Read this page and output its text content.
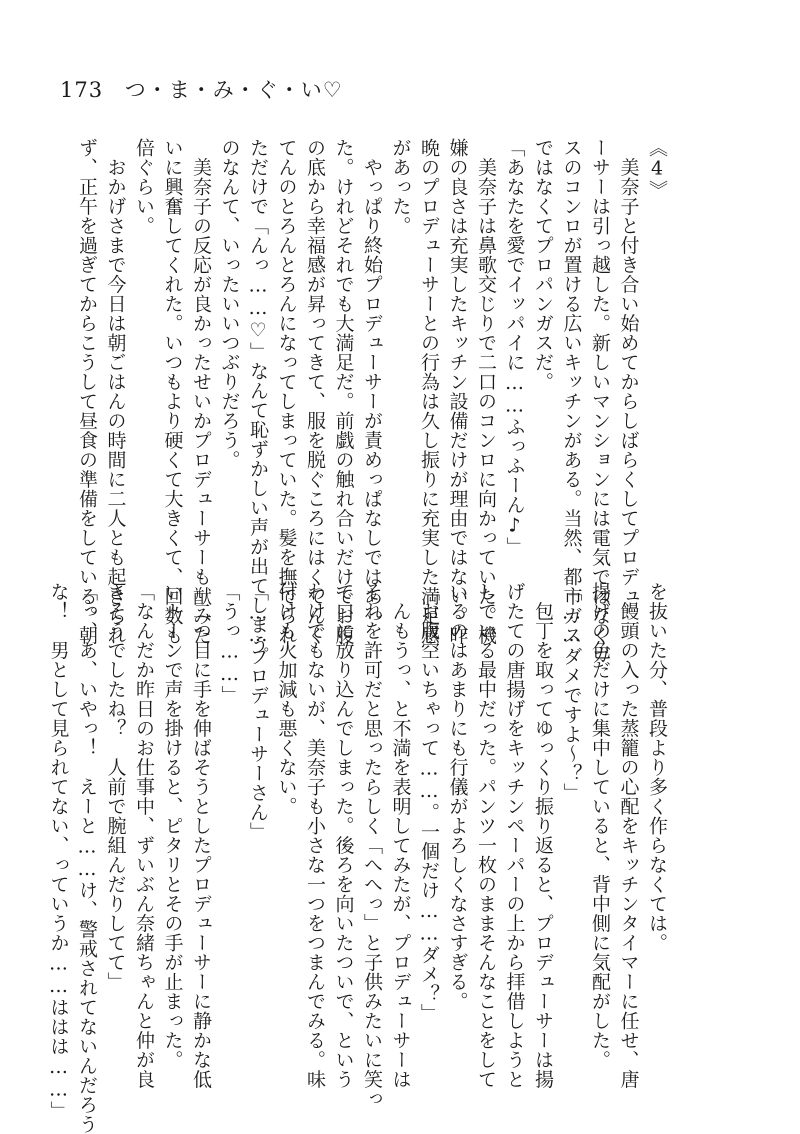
173 つ・ま・み・ぐ・い♡
《4》
　美奈子と付き合い始めてからしばらくしてプロデュ
ーサーは引っ越した。新しいマンションには電気ではなくガ
スのコンロが置ける広いキッチンがある。当然、都市ガス
ではなくてプロパンガスだ。
「あなたを愛でイッパイに……ふっふーん♪」
　美奈子は鼻歌交じりで二口のコンロに向かっていた。機
嫌の良さは充実したキッチン設備だけが理由ではない。昨
晩のプロデューサーとの行為は久し振りに充実した満足感
があった。
　やっぱり終始プロデューサーが責めっぱなしではあっ
た。けれどそれでも大満足だ。前戯の触れ合いだけでお腹
の底から幸福感が昇ってきて、服を脱ぐころにはくてんく
てんのとろんとろんになってしまっていた。髪を撫でられ
ただけで「んっ……♡」なんて恥ずかしい声が出てしまう
のなんて、いったいいつぶりだろう。
　美奈子の反応が良かったせいかプロデューサーも猷みた
いに興奮してくれた。いつもより硬くて大きくて、回数も
倍ぐらい。
　おかげさまで今日は朝ごはんの時間に二人とも起きられ
ず、正午を過ぎてからこうして昼食の準備をしている。朝
を抜いた分、普段より多く作らなくては。
　饅頭の入った蒸籠の心配をキッチンタイマーに任せ、唐
揚げの色だけに集中していると、背中側に気配がした。
「……ダメですよ～？」
　包丁を取ってゆっくり振り返ると、プロデューサーは揚
げたての唐揚げをキッチンペーパーの上から拝借しようと
している最中だった。パンツ一枚のままそんなことをして
いるのはあまりにも行儀がよろしくなさすぎる。
「お腹空いちゃって……。一個だけ……ダメ？」
　んもうっ、と不満を表明してみたが、プロデューサーは
それを許可だと思ったらしく「へへっ」と子供みたいに笑っ
て口に放り込んでしまった。後ろを向いたついで、という
わけでもないが、美奈子も小さな一つをつまんでみる。味
付けも火加減も悪くない。
「……プロデューサーさん」
「うっ……」
　二つ目に手を伸ばそうとしたプロデューサーに静かな低
いトーンで声を掛けると、ピタリとその手が止まった。
「なんだか昨日のお仕事中、ずいぶん奈緒ちゃんと仲が良
さそうでしたね？　人前で腕組んだりしてて」
「っ、あ、いやっ！　えーと……け、警戒されてないんだろう
な！　男として見られてない、っていうか……ははは……」
